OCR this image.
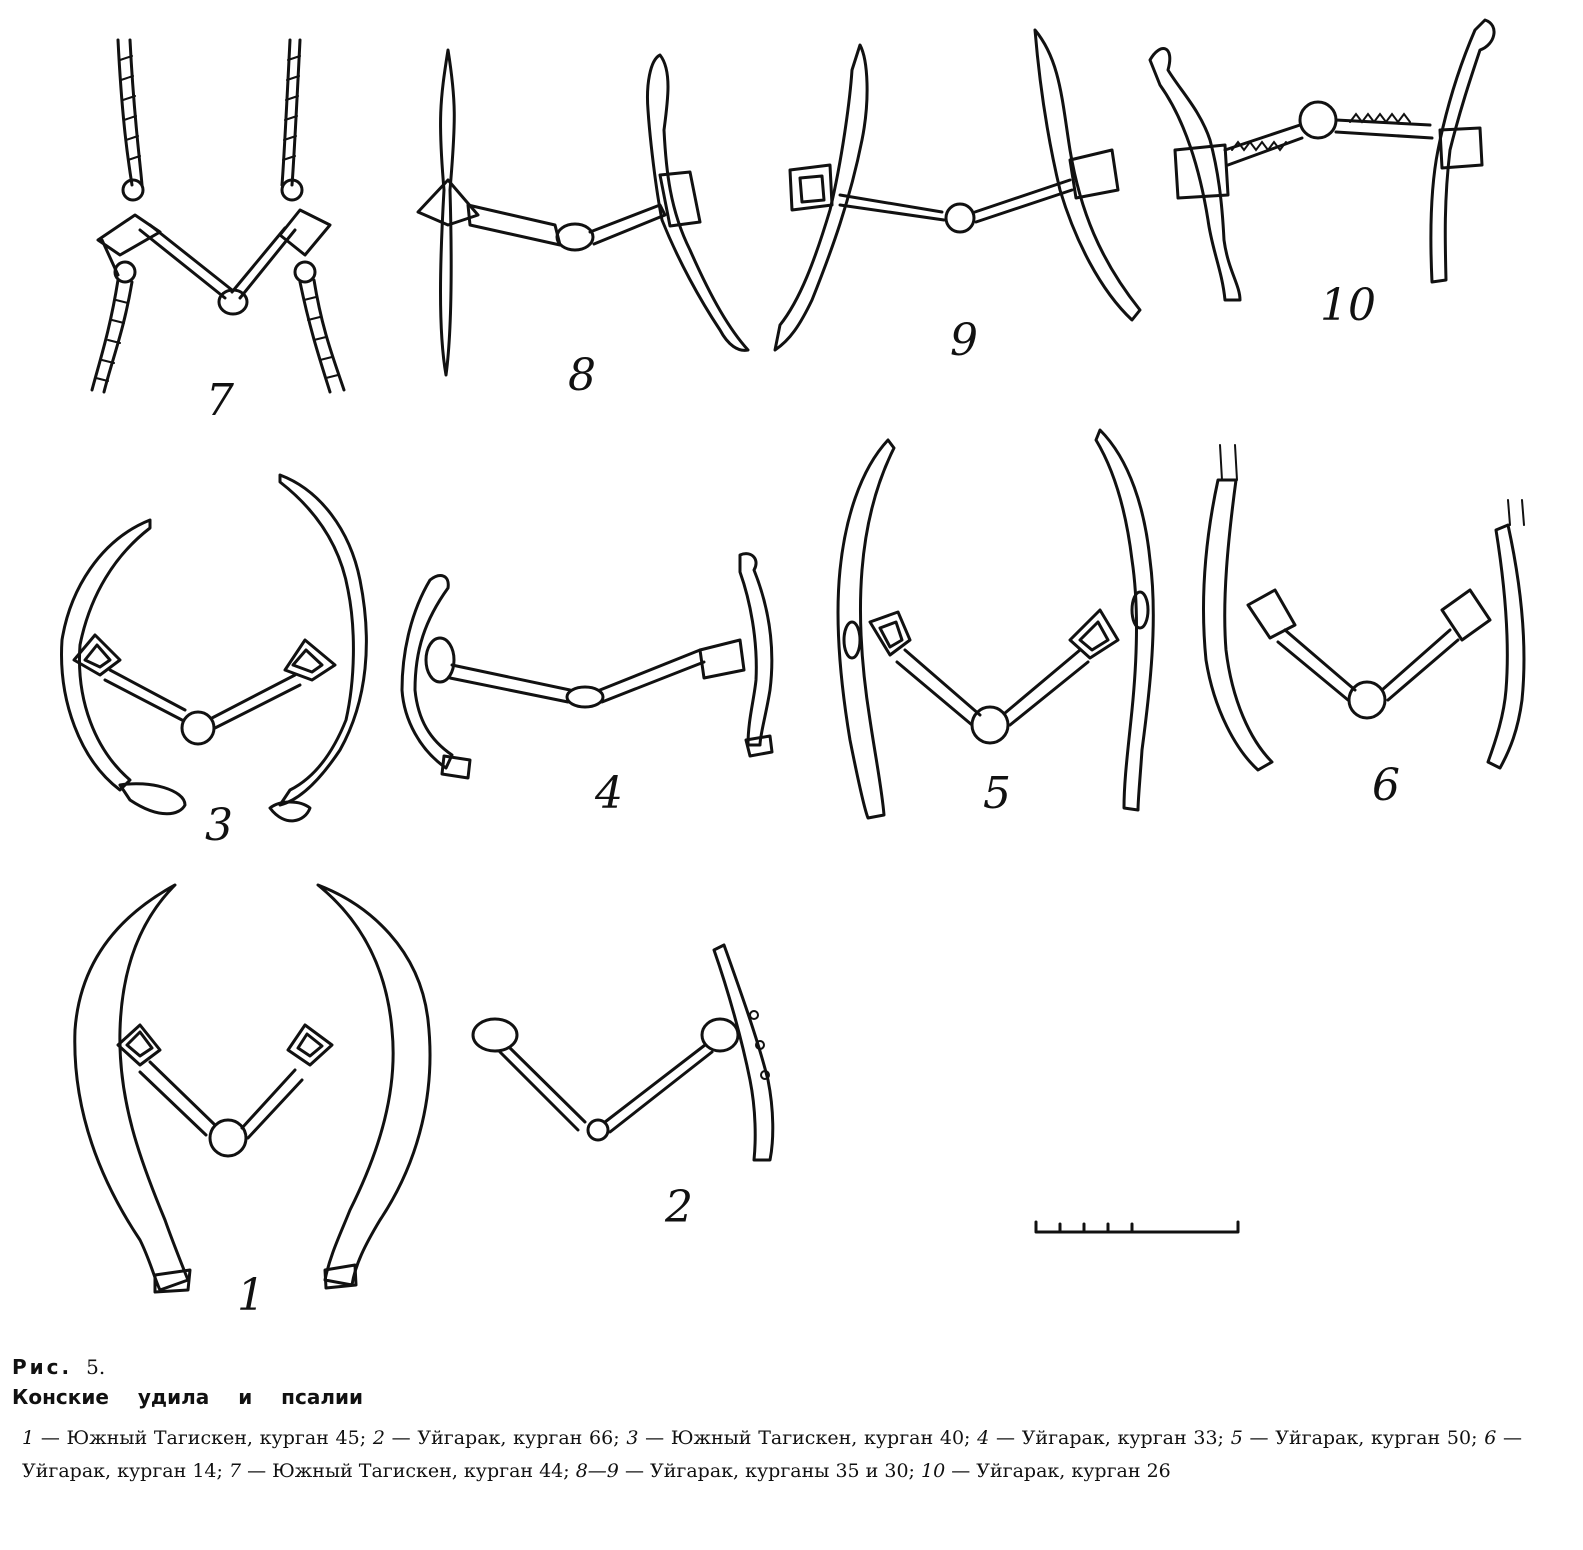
7	8
9
10
3
4	5	6
1
2

Рис. 5.

Конские удила и псалии

1 — Южный Тагискен, курган 45; 2 — Уйгарак, курган 66; 3 — Южный Тагискен, курган 40; 4 — Уйгарак, курган 33; 5 — Уйгарак, курган 50; 6 — Уйгарак, курган 14; 7 — Южный Тагискен, курган 44; 8—9 — Уйгарак, курганы 35 и 30; 10 — Уйгарак, курган 26
